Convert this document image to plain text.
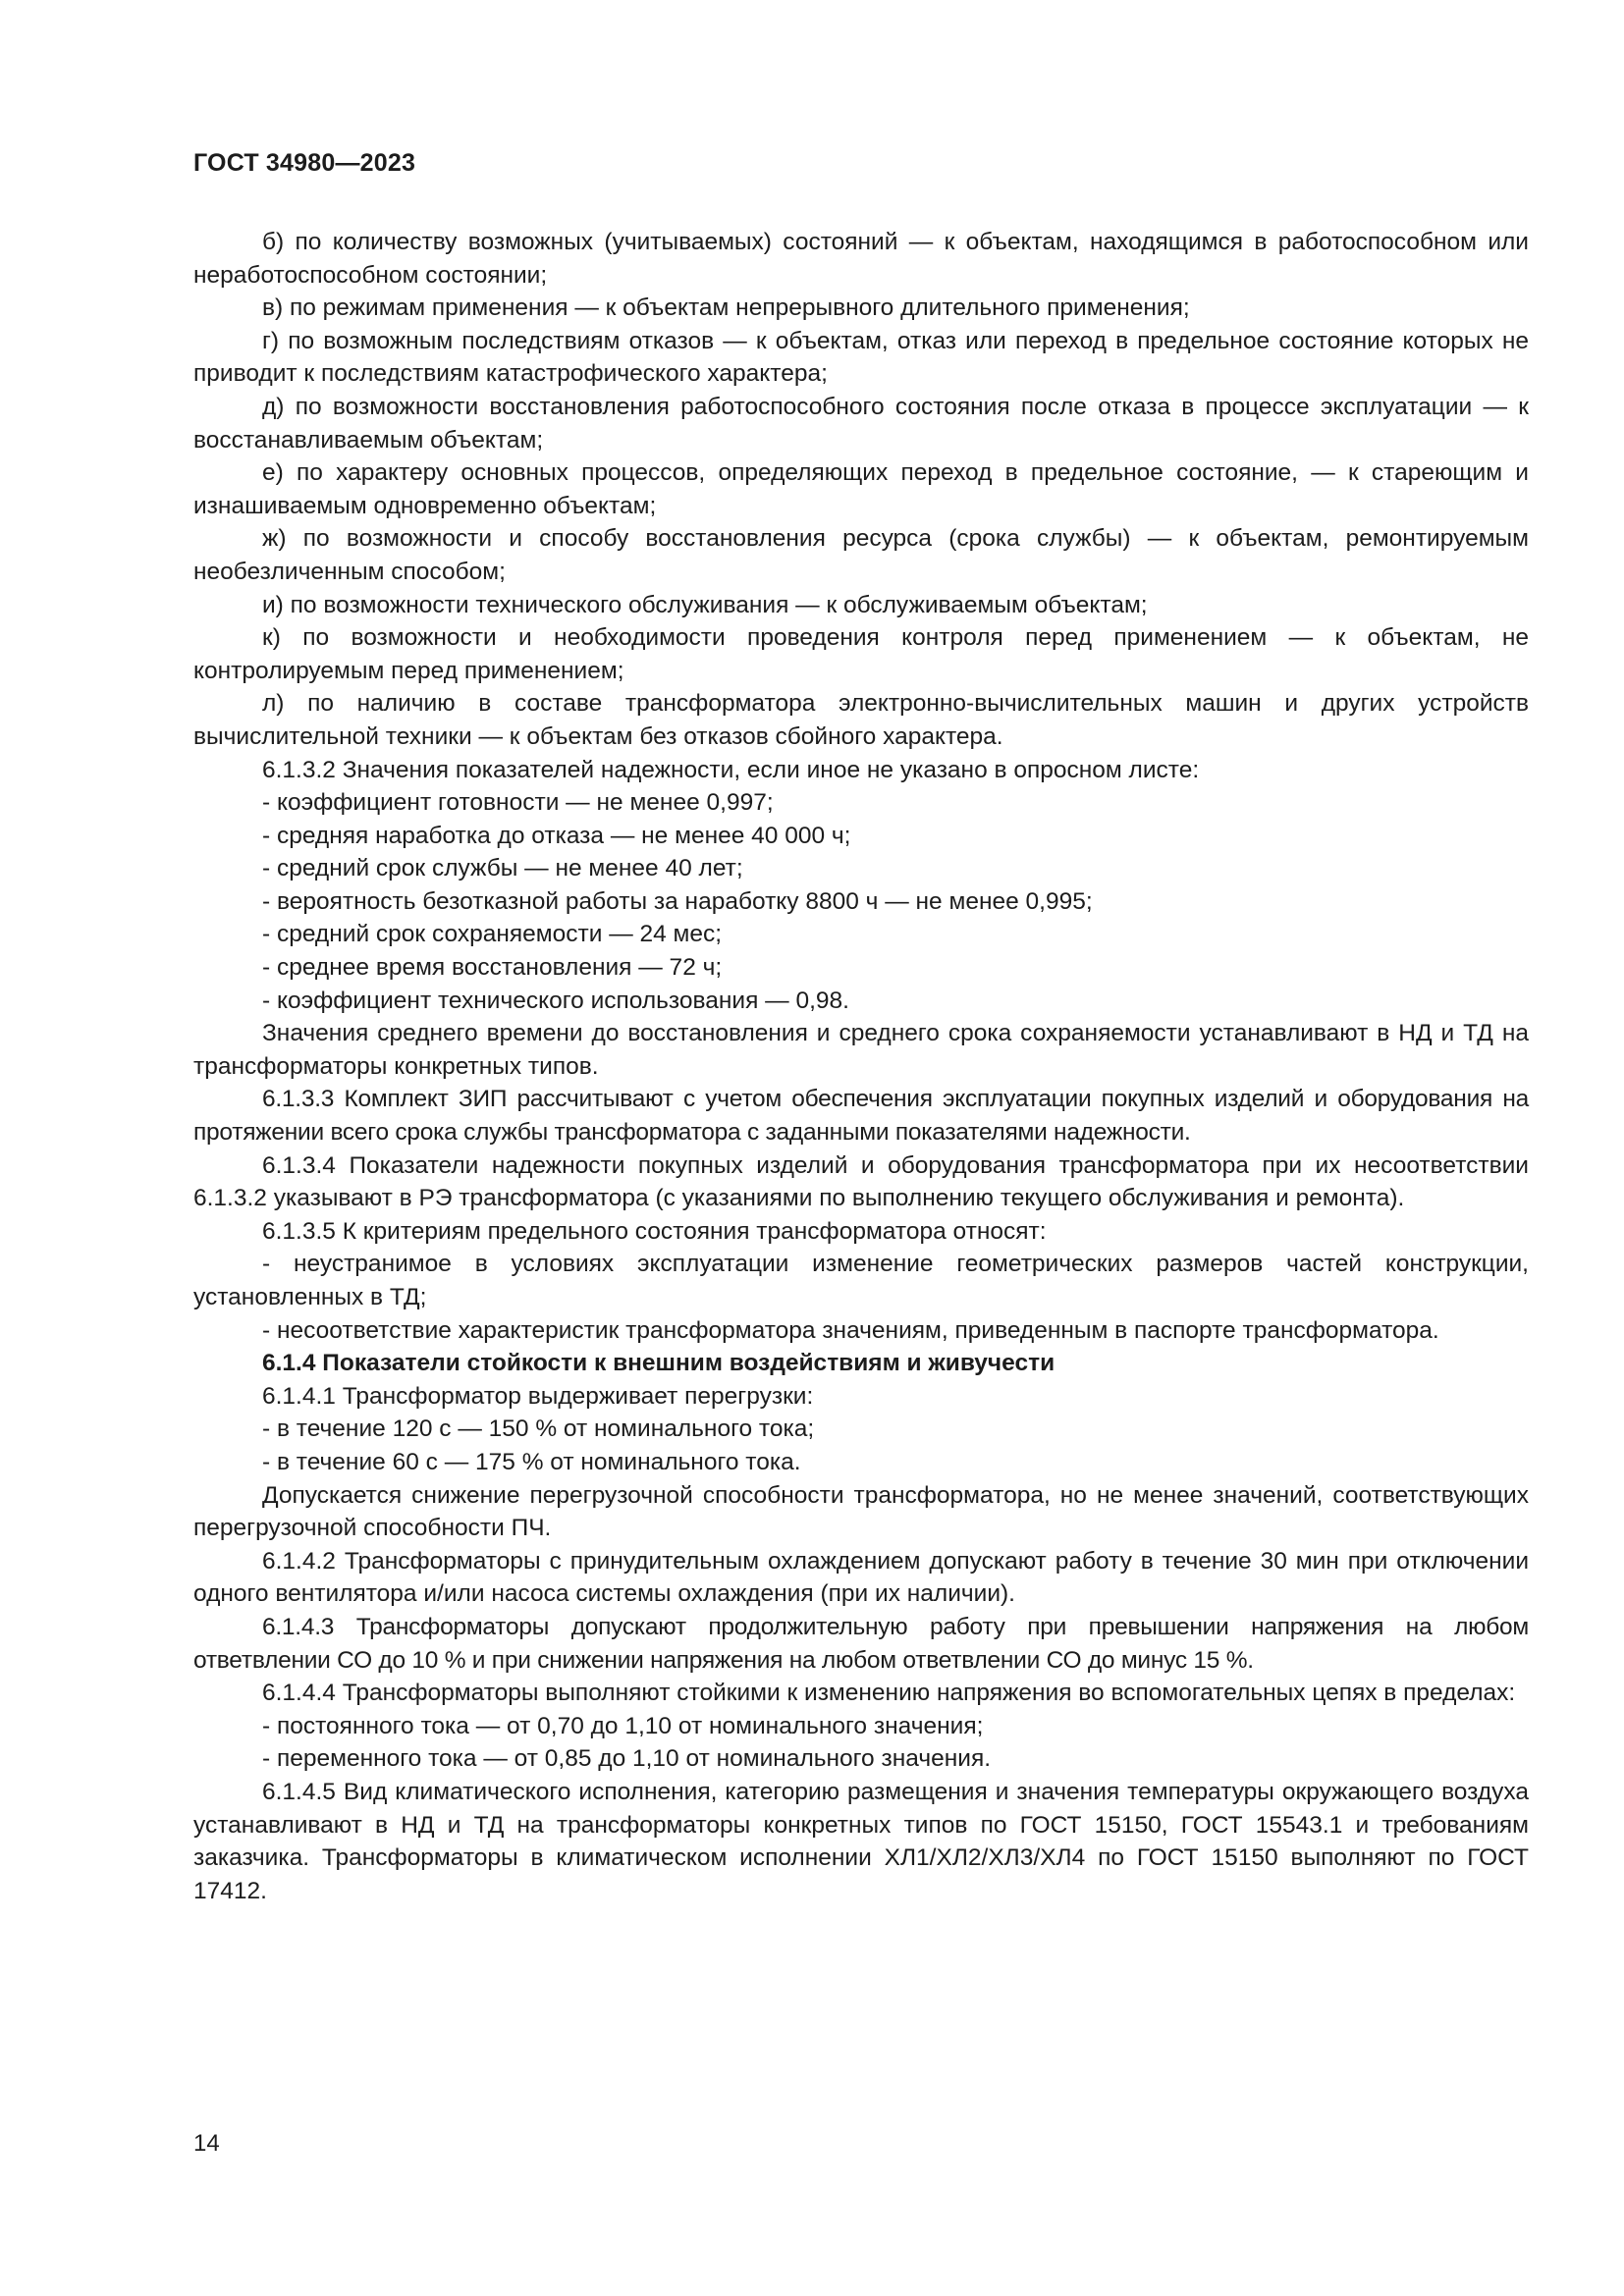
ГОСТ 34980—2023

б) по количеству возможных (учитываемых) состояний — к объектам, находящимся в работоспособном или неработоспособном состоянии;

в) по режимам применения — к объектам непрерывного длительного применения;

г) по возможным последствиям отказов — к объектам, отказ или переход в предельное состояние которых не приводит к последствиям катастрофического характера;

д) по возможности восстановления работоспособного состояния после отказа в процессе эксплуатации — к восстанавливаемым объектам;

е) по характеру основных процессов, определяющих переход в предельное состояние, — к стареющим и изнашиваемым одновременно объектам;

ж) по возможности и способу восстановления ресурса (срока службы) — к объектам, ремонтируемым необезличенным способом;

и) по возможности технического обслуживания — к обслуживаемым объектам;

к) по возможности и необходимости проведения контроля перед применением — к объектам, не контролируемым перед применением;

л) по наличию в составе трансформатора электронно-вычислительных машин и других устройств вычислительной техники — к объектам без отказов сбойного характера.

6.1.3.2 Значения показателей надежности, если иное не указано в опросном листе:

- коэффициент готовности — не менее 0,997;

- средняя наработка до отказа — не менее 40 000 ч;

- средний срок службы — не менее 40 лет;

- вероятность безотказной работы за наработку 8800 ч — не менее 0,995;

- средний срок сохраняемости — 24 мес;

- среднее время восстановления — 72 ч;

- коэффициент технического использования — 0,98.

Значения среднего времени до восстановления и среднего срока сохраняемости устанавливают в НД и ТД на трансформаторы конкретных типов.

6.1.3.3 Комплект ЗИП рассчитывают с учетом обеспечения эксплуатации покупных изделий и оборудования на протяжении всего срока службы трансформатора с заданными показателями надежности.

6.1.3.4 Показатели надежности покупных изделий и оборудования трансформатора при их несоответствии 6.1.3.2 указывают в РЭ трансформатора (с указаниями по выполнению текущего обслуживания и ремонта).

6.1.3.5 К критериям предельного состояния трансформатора относят:

- неустранимое в условиях эксплуатации изменение геометрических размеров частей конструкции, установленных в ТД;

- несоответствие характеристик трансформатора значениям, приведенным в паспорте трансформатора.

6.1.4 Показатели стойкости к внешним воздействиям и живучести

6.1.4.1 Трансформатор выдерживает перегрузки:

- в течение 120 с — 150 % от номинального тока;

- в течение 60 с — 175 % от номинального тока.

Допускается снижение перегрузочной способности трансформатора, но не менее значений, соответствующих перегрузочной способности ПЧ.

6.1.4.2 Трансформаторы с принудительным охлаждением допускают работу в течение 30 мин при отключении одного вентилятора и/или насоса системы охлаждения (при их наличии).

6.1.4.3 Трансформаторы допускают продолжительную работу при превышении напряжения на любом ответвлении СО до 10 % и при снижении напряжения на любом ответвлении СО до минус 15 %.

6.1.4.4 Трансформаторы выполняют стойкими к изменению напряжения во вспомогательных цепях в пределах:

- постоянного тока — от 0,70 до 1,10 от номинального значения;

- переменного тока — от 0,85 до 1,10 от номинального значения.

6.1.4.5 Вид климатического исполнения, категорию размещения и значения температуры окружающего воздуха устанавливают в НД и ТД на трансформаторы конкретных типов по ГОСТ 15150, ГОСТ 15543.1 и требованиям заказчика. Трансформаторы в климатическом исполнении ХЛ1/ХЛ2/ХЛ3/ХЛ4 по ГОСТ 15150 выполняют по ГОСТ 17412.

14
